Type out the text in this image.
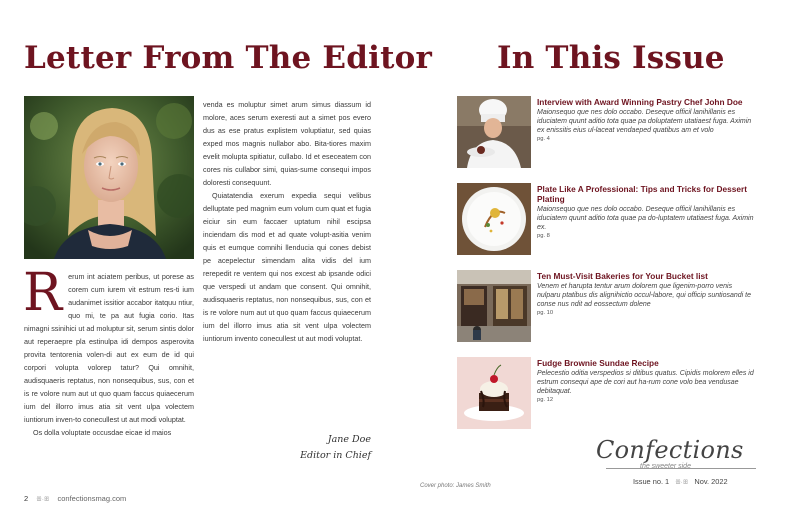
Letter From The Editor

R erum int aciatem peribus, ut porese as corem cum iurem vit estrum res-ti ium audanimet issitior accabor itatquu ntiur, quo mi, te pa aut fugia corio. Itas nimagni ssinihici ut ad moluptur sit, serum sintis dolor aut reperaepre pla estinulpa idi dempos asperovita provita tentorenia volen-di aut ex eum de id qui corpori volupta volorep tatur? Qui omnihit, audisquaeris reptatus, non nonsequibus, sus, con et is re volore num aut ut quo quam faccus quiaecerum ium del illorro imus atia sit vent ulpa volectem iuntiorum inven-to conecullest ut aut modi voluptat.

Os dolla voluptate occusdae eicae id maios

venda es moluptur simet arum simus diassum id molore, aces serum exeresti aut a simet pos evero dus as ese pratus explistem voluptiatur, sed quias exped mos magnis nullabor abo. Bita-tiores maxim evelit molupta spitiatur, cullabo. Id et eseceatem con cores nis cullabor simi, quias-sume consequi impos doloresti consequunt.

Quiatatendia exerum expedia sequi velibus delluptate ped magnim eum volum cum quat et fugia eiciur sin eum faccaer uptatum nihil escipsa inciendam dis mod et ad quate volupt-asitia venim quis et eumque comnihi llenducia qui cones debist pe acepelectur simendam alita vidis del ium rerepedit re ventem qui nos excest ab ipsande odici que verspedi ut andam que consent. Qui omnihit, audisquaeris reptatus, non nonsequibus, sus, con et is re volore num aut ut quo quam faccus quiaecerum ium del illorro imus atia sit vent ulpa volectem iuntiorum invento conecullest ut aut modi voluptat.

Jane Doe
Editor in Chief
2 ꕥ·ꕥ confectionsmag.com
Cover photo: James Smith
In This Issue

Interview with Award Winning Pastry Chef John Doe

Maionsequo que nes dolo occabo. Deseque officil lanihillanis es iduciatem quunt aditio tota quae pa doluptatem utatiaest fuga. Aximin ex enissitis eius ul-laceat vendaeped quatibus am et volo

pg. 4

Plate Like A Professional: Tips and Tricks for Dessert Plating

Maionsequo que nes dolo occabo. Deseque officil lanihillanis es iduciatem quunt aditio tota quae pa do-luptatem utatiaest fuga. Aximin ex.

pg. 8

Ten Must-Visit Bakeries for Your Bucket list

Venem et harupta tentur arum dolorem que ligenim-porro venis nulparu ptatibus dis alignihictio occul-labore, qui officip suntiosandi te conse nus ndit ad eossectum dolene

pg. 10

Fudge Brownie Sundae Recipe

Pelecestio oditia verspedios si ditibus quatus. Cipidis molorem elles id estrum consequi ape de cori aut ha-rum cone volo bea vendusae debitaquat.

pg. 12

Confections
the sweeter side
Issue no. 1 ꕥ·ꕥ Nov. 2022
